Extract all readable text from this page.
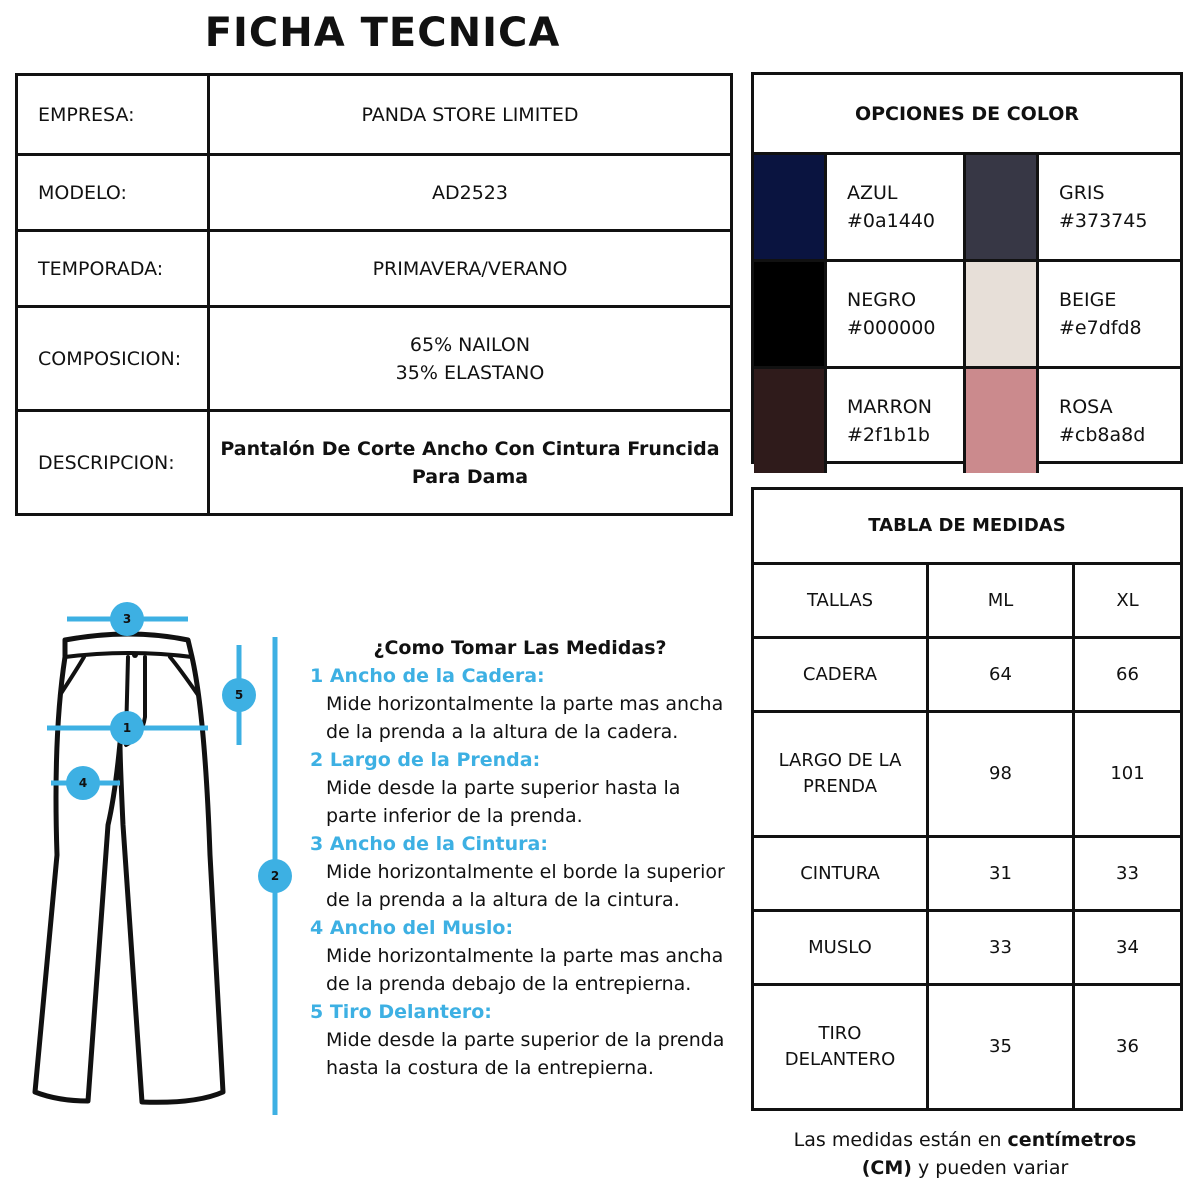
FICHA TECNICA
EMPRESA:	PANDA STORE LIMITED
MODELO:	AD2523
TEMPORADA:	PRIMAVERA/VERANO
COMPOSICION:	65% NAILON
35% ELASTANO

DESCRIPCION:	Pantalón De Corte Ancho Con Cintura Fruncida
Para Dama
OPCIONES DE COLOR
AZUL
#0a1440
GRIS
#373745
NEGRO
#000000
BEIGE
#e7dfd8
MARRON
#2f1b1b
ROSA
#cb8a8d
TABLA DE MEDIDAS		
TALLAS	ML	XL

CADERA	64	66

LARGO DE LA
PRENDA	98	101

CINTURA	31	33

MUSLO	33	34

TIRO
DELANTERO	35	36
Las medidas están en centímetros
(CM) y pueden variar
¿Como Tomar Las Medidas?
1 Ancho de la Cadera:
Mide horizontalmente la parte mas ancha
de la prenda a la altura de la cadera.
2 Largo de la Prenda:
Mide desde la parte superior hasta la
parte inferior de la prenda.
3 Ancho de la Cintura:
Mide horizontalmente el borde la superior
de la prenda a la altura de la cintura.
4 Ancho del Muslo:
Mide horizontalmente la parte mas ancha
de la prenda debajo de la entrepierna.
5 Tiro Delantero:
Mide desde la parte superior de la prenda
hasta la costura de la entrepierna.
3
1
4
5
2
